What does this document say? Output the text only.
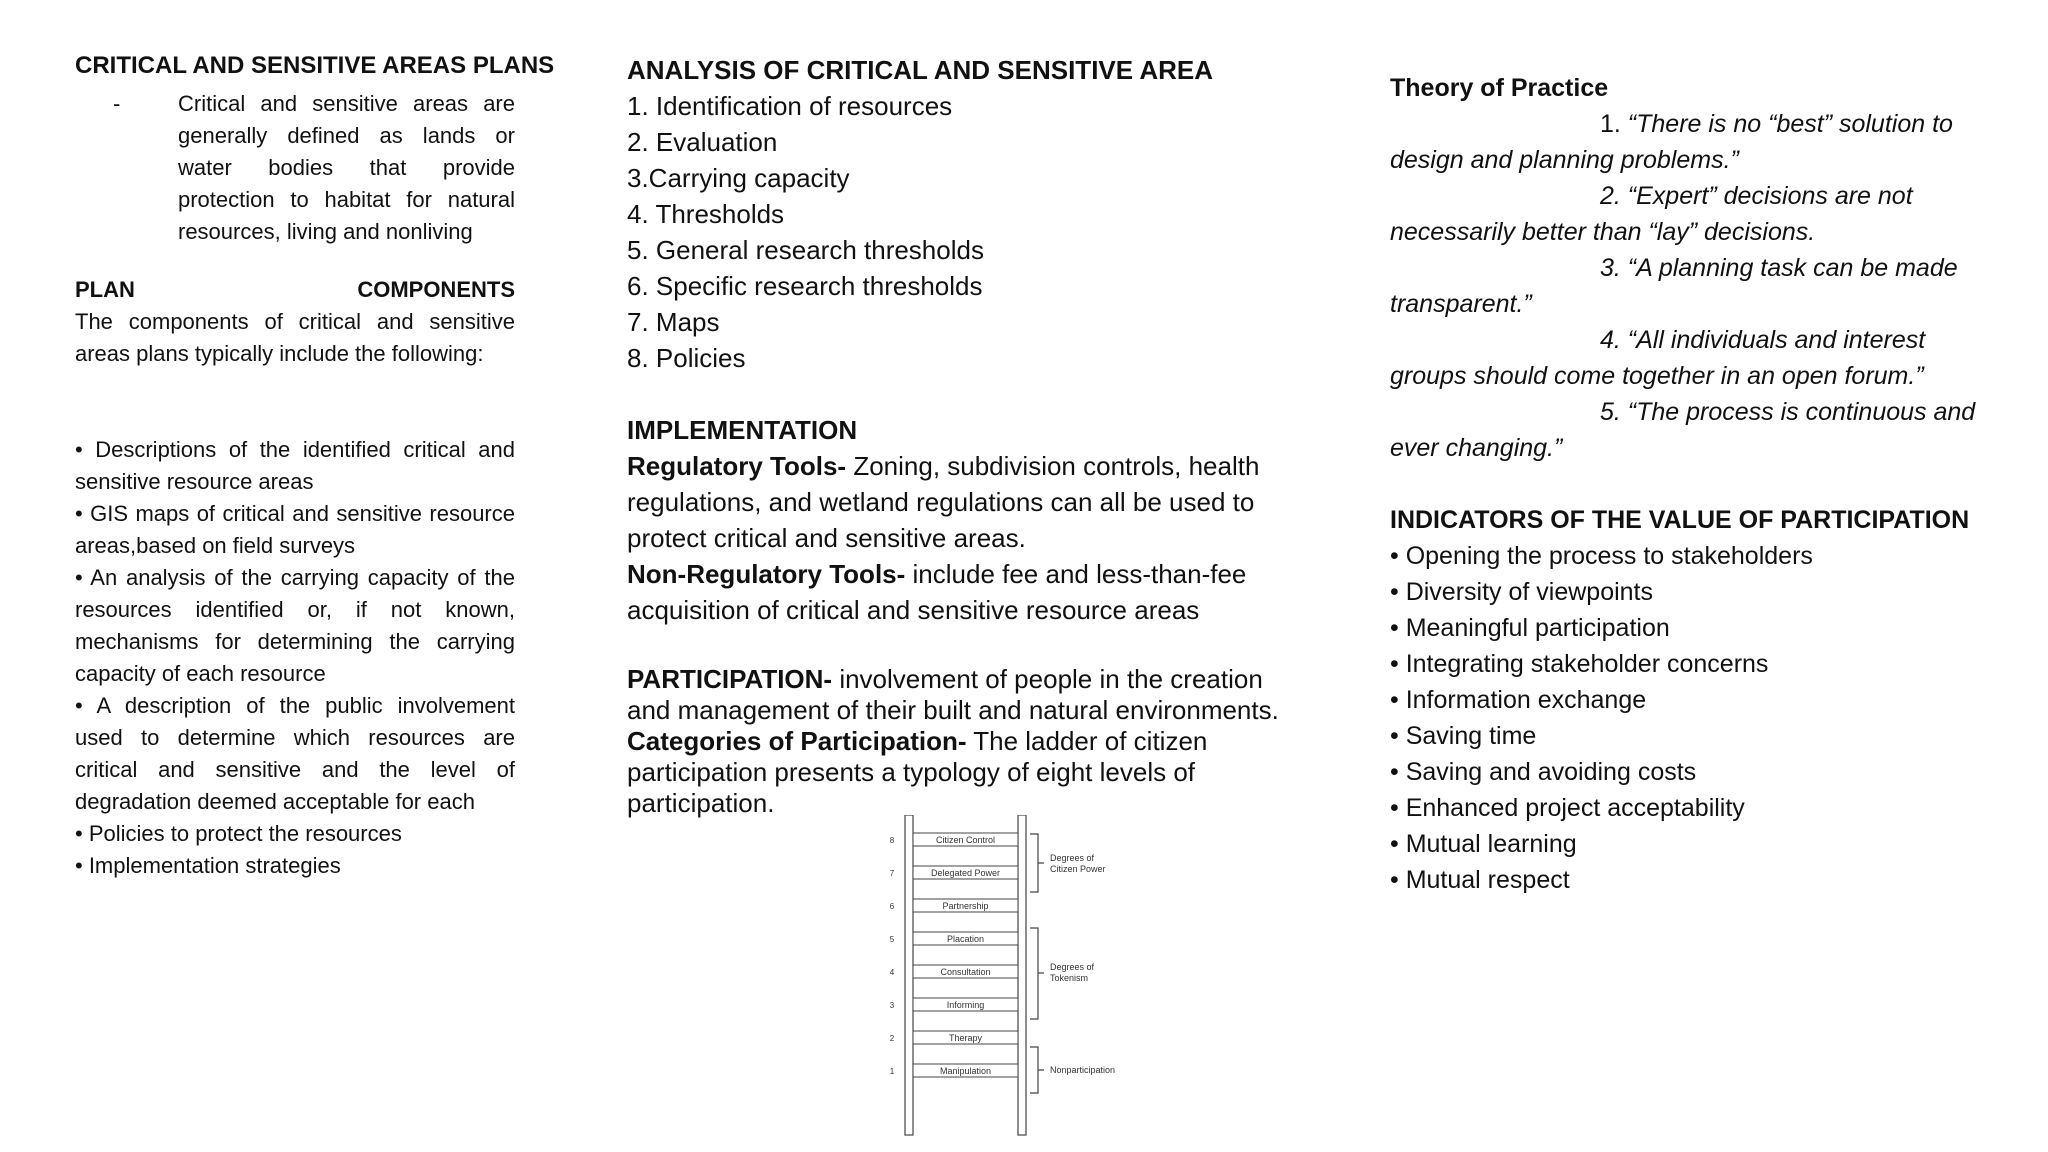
CRITICAL AND SENSITIVE AREAS PLANS
-	Critical and sensitive areas are generally defined as lands or water bodies that provide protection to habitat for natural resources, living and nonliving
PLAN	COMPONENTS
The components of critical and sensitive areas plans typically include the following:
• Descriptions of the identified critical and sensitive resource areas
• GIS maps of critical and sensitive resource areas,based on field surveys
• An analysis of the carrying capacity of the resources identified or, if not known, mechanisms for determining the carrying capacity of each resource
• A description of the public involvement used to determine which resources are critical and sensitive and the level of degradation deemed acceptable for each
• Policies to protect the resources
• Implementation strategies
ANALYSIS OF CRITICAL AND SENSITIVE AREA
1. Identification of resources
2. Evaluation
3.Carrying capacity
4. Thresholds
5. General research thresholds
6. Specific research thresholds
7. Maps
8. Policies
IMPLEMENTATION
Regulatory Tools- Zoning, subdivision controls, health regulations, and wetland regulations can all be used to protect critical and sensitive areas.
Non-Regulatory Tools- include fee and less-than-fee acquisition of critical and sensitive resource areas
PARTICIPATION- involvement of people in the creation and management of their built and natural environments.
Categories of Participation- The ladder of citizen participation presents a typology of eight levels of participation.
Citizen Control
8
Delegated Power
7
Partnership
6
Placation
5
Consultation
4
Informing
3
Therapy
2
Manipulation
1
Degrees of
Citizen Power
Degrees of
Tokenism
Nonparticipation
Theory of Practice
1. “There is no “best” solution to
design and planning problems.”
2. “Expert” decisions are not
necessarily better than “lay” decisions.
3. “A planning task can be made
transparent.”
4. “All individuals and interest
groups should come together in an open forum.”
5. “The process is continuous and
ever changing.”
INDICATORS OF THE VALUE OF PARTICIPATION
• Opening the process to stakeholders
• Diversity of viewpoints
• Meaningful participation
• Integrating stakeholder concerns
• Information exchange
• Saving time
• Saving and avoiding costs
• Enhanced project acceptability
• Mutual learning
• Mutual respect
